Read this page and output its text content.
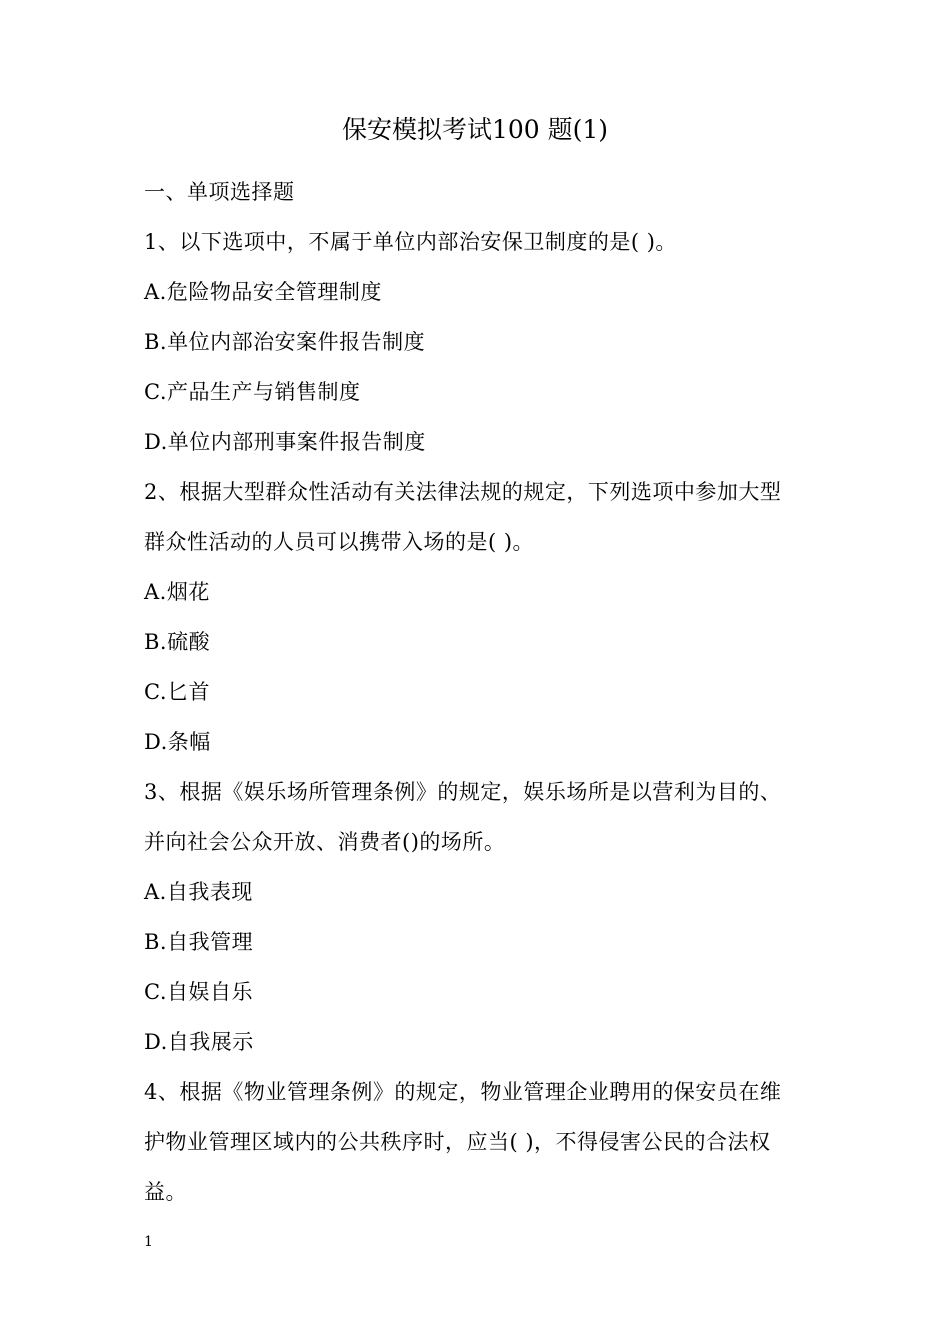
保安模拟考试100 题(1)
一、单项选择题
1、以下选项中，不属于单位内部治安保卫制度的是( )。
A.危险物品安全管理制度
B.单位内部治安案件报告制度
C.产品生产与销售制度
D.单位内部刑事案件报告制度
2、根据大型群众性活动有关法律法规的规定，下列选项中参加大型
群众性活动的人员可以携带入场的是( )。
A.烟花
B.硫酸
C.匕首
D.条幅
3、根据《娱乐场所管理条例》的规定，娱乐场所是以营利为目的、
并向社会公众开放、消费者()的场所。
A.自我表现
B.自我管理
C.自娱自乐
D.自我展示
4、根据《物业管理条例》的规定，物业管理企业聘用的保安员在维
护物业管理区域内的公共秩序时，应当( )，不得侵害公民的合法权
益。
1
